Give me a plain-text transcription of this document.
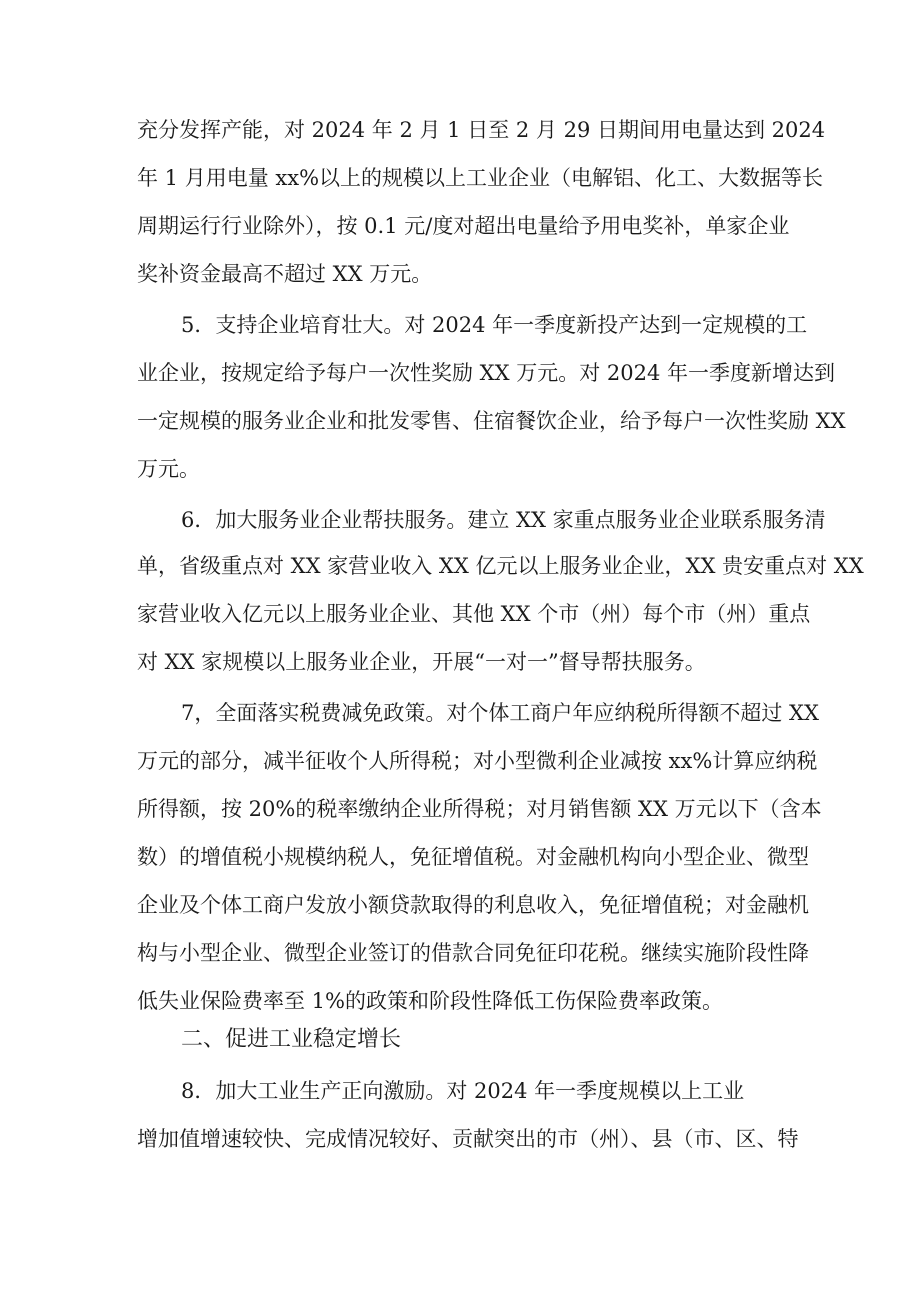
充分发挥产能，对 2024 年 2 月 1 日至 2 月 29 日期间用电量达到 2024
年 1 月用电量 xx%以上的规模以上工业企业（电解铝、化工、大数据等长
周期运行行业除外），按 0.1 元/度对超出电量给予用电奖补，单家企业
奖补资金最高不超过 XX 万元。
5．支持企业培育壮大。对 2024 年一季度新投产达到一定规模的工
业企业，按规定给予每户一次性奖励 XX 万元。对 2024 年一季度新增达到
一定规模的服务业企业和批发零售、住宿餐饮企业，给予每户一次性奖励 XX
万元。
6．加大服务业企业帮扶服务。建立 XX 家重点服务业企业联系服务清
单，省级重点对 XX 家营业收入 XX 亿元以上服务业企业，XX 贵安重点对 XX
家营业收入亿元以上服务业企业、其他 XX 个市（州）每个市（州）重点
对 XX 家规模以上服务业企业，开展“一对一”督导帮扶服务。
7，全面落实税费减免政策。对个体工商户年应纳税所得额不超过 XX
万元的部分，减半征收个人所得税；对小型微利企业减按 xx%计算应纳税
所得额，按 20%的税率缴纳企业所得税；对月销售额 XX 万元以下（含本
数）的增值税小规模纳税人，免征增值税。对金融机构向小型企业、微型
企业及个体工商户发放小额贷款取得的利息收入，免征增值税；对金融机
构与小型企业、微型企业签订的借款合同免征印花税。继续实施阶段性降
低失业保险费率至 1%的政策和阶段性降低工伤保险费率政策。
二、促进工业稳定增长
8．加大工业生产正向激励。对 2024 年一季度规模以上工业
增加值增速较快、完成情况较好、贡献突出的市（州）、县（市、区、特
